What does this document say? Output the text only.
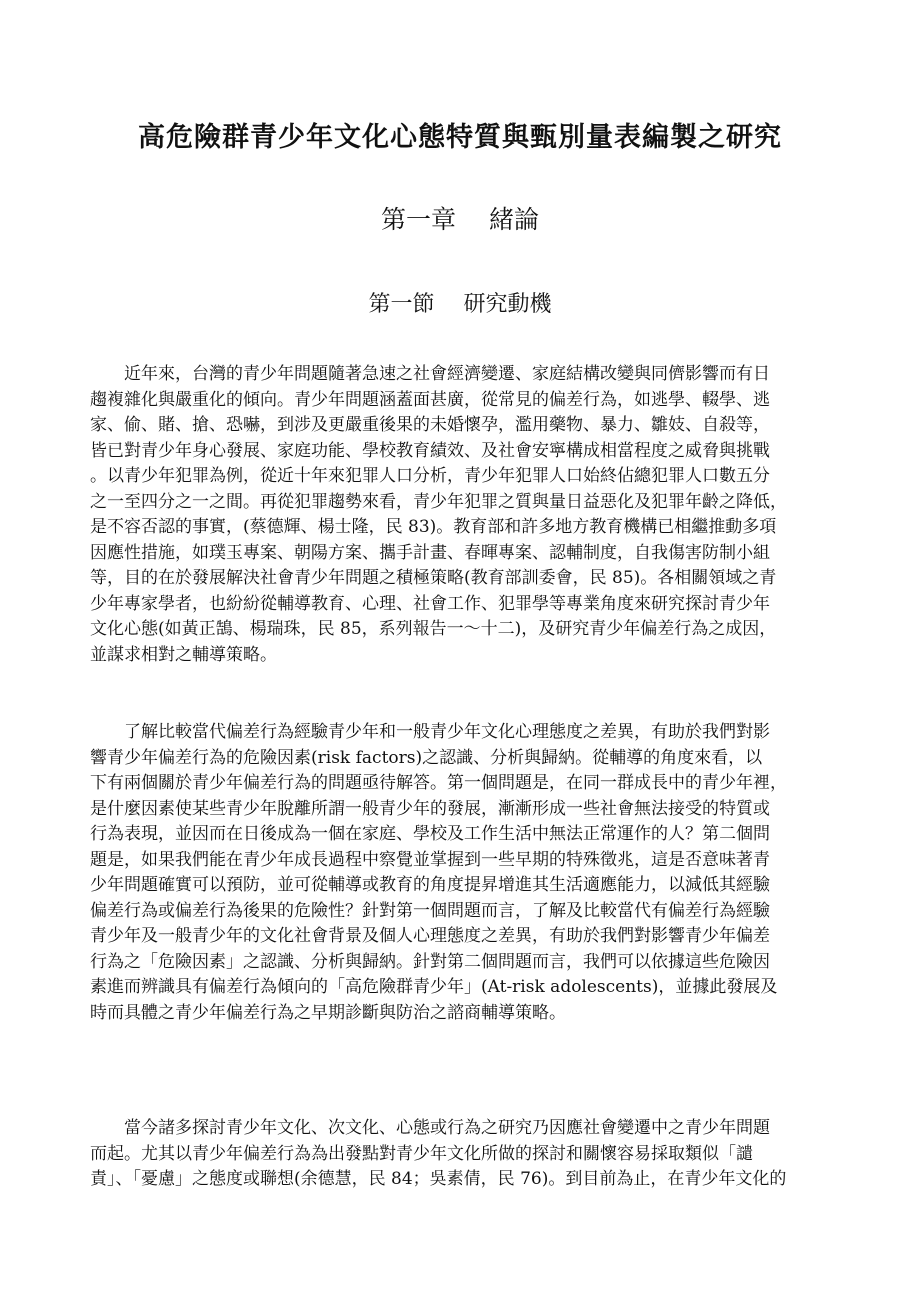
高危險群青少年文化心態特質與甄別量表編製之研究
第一章　 緒論
第一節　 研究動機
　　近年來，台灣的青少年問題隨著急速之社會經濟變遷、家庭結構改變與同儕影響而有日
趨複雜化與嚴重化的傾向。青少年問題涵蓋面甚廣，從常見的偏差行為，如逃學、輟學、逃
家、偷、賭、搶、恐嚇，到涉及更嚴重後果的未婚懷孕，濫用藥物、暴力、雛妓、自殺等，
皆已對青少年身心發展、家庭功能、學校教育績效、及社會安寧構成相當程度之威脅與挑戰
。以青少年犯罪為例，從近十年來犯罪人口分析，青少年犯罪人口始終佔總犯罪人口數五分
之一至四分之一之間。再從犯罪趨勢來看，青少年犯罪之質與量日益惡化及犯罪年齡之降低，
是不容否認的事實，(蔡德輝、楊士隆，民 83)。教育部和許多地方教育機構已相繼推動多項
因應性措施，如璞玉專案、朝陽方案、攜手計畫、春暉專案、認輔制度，自我傷害防制小組
等，目的在於發展解決社會青少年問題之積極策略(教育部訓委會，民 85)。各相關領域之青
少年專家學者，也紛紛從輔導教育、心理、社會工作、犯罪學等專業角度來研究探討青少年
文化心態(如黃正鵠、楊瑞珠，民 85，系列報告一～十二)，及研究青少年偏差行為之成因，
並謀求相對之輔導策略。
　　了解比較當代偏差行為經驗青少年和一般青少年文化心理態度之差異，有助於我們對影
響青少年偏差行為的危險因素(risk factors)之認識、分析與歸納。從輔導的角度來看，以
下有兩個關於青少年偏差行為的問題亟待解答。第一個問題是，在同一群成長中的青少年裡，
是什麼因素使某些青少年脫離所謂一般青少年的發展，漸漸形成一些社會無法接受的特質或
行為表現，並因而在日後成為一個在家庭、學校及工作生活中無法正常運作的人？第二個問
題是，如果我們能在青少年成長過程中察覺並掌握到一些早期的特殊徵兆，這是否意味著青
少年問題確實可以預防，並可從輔導或教育的角度提昇增進其生活適應能力，以減低其經驗
偏差行為或偏差行為後果的危險性？針對第一個問題而言，了解及比較當代有偏差行為經驗
青少年及一般青少年的文化社會背景及個人心理態度之差異，有助於我們對影響青少年偏差
行為之「危險因素」之認識、分析與歸納。針對第二個問題而言，我們可以依據這些危險因
素進而辨識具有偏差行為傾向的「高危險群青少年」(At-risk adolescents)，並據此發展及
時而具體之青少年偏差行為之早期診斷與防治之諮商輔導策略。
　　當今諸多探討青少年文化、次文化、心態或行為之研究乃因應社會變遷中之青少年問題
而起。尤其以青少年偏差行為為出發點對青少年文化所做的探討和關懷容易採取類似「譴
責」、「憂慮」之態度或聯想(余德慧，民 84；吳素倩，民 76)。到目前為止，在青少年文化的
